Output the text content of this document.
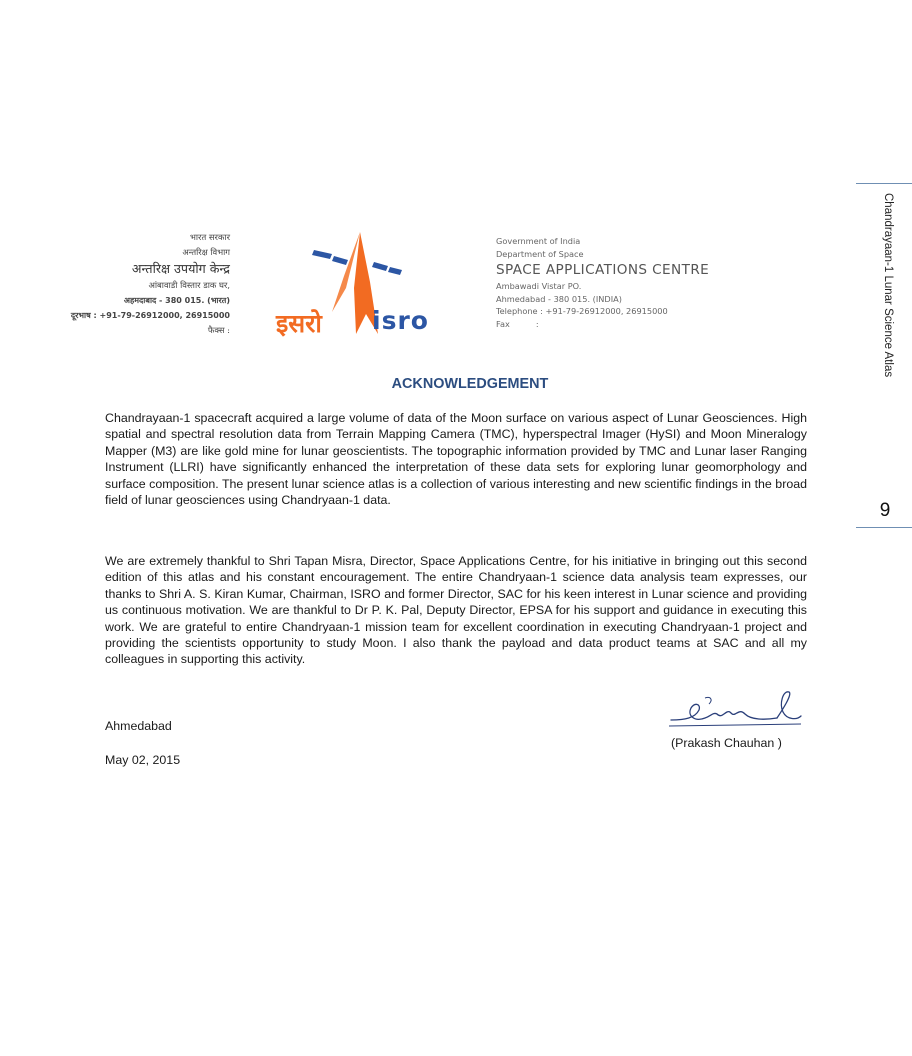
Chandrayaan-1 Lunar Science Atlas
9
भारत सरकार
अन्तरिक्ष विभाग
अन्तरिक्ष उपयोग केन्द्र
आंबावाडी विस्तार डाक घर,
अहमदाबाद - 380 015. (भारत)
दूरभाष : +91-79-26912000, 26915000
फैक्स : इसरो isro
Government of India
Department of Space
SPACE APPLICATIONS CENTRE
Ambawadi Vistar PO.
Ahmedabad - 380 015. (INDIA)
Telephone : +91-79-26912000, 26915000
Fax          :
ACKNOWLEDGEMENT

Chandrayaan-1 spacecraft acquired a large volume of data of the Moon surface on various aspect of Lunar Geosciences. High spatial and spectral resolution data from Terrain Mapping Camera (TMC), hyperspectral Imager (HySI) and Moon Mineralogy Mapper (M3) are like gold mine for lunar geoscientists. The topographic information provided by TMC and Lunar laser Ranging Instrument (LLRI) have significantly enhanced the interpretation of these data sets for exploring lunar geomorphology and surface composition. The present lunar science atlas is a collection of various interesting and new scientific findings in the broad field of lunar geosciences using Chandryaan-1 data.

We are extremely thankful to Shri Tapan Misra, Director, Space Applications Centre, for his initiative in bringing out this second edition of this atlas and his constant encouragement. The entire Chandryaan-1 science data analysis team expresses, our thanks to Shri A. S. Kiran Kumar, Chairman, ISRO and former Director, SAC for his keen interest in Lunar science and providing us continuous motivation. We are thankful to Dr P. K. Pal, Deputy Director, EPSA for his support and guidance in executing this work. We are grateful to entire Chandryaan-1 mission team for excellent coordination in executing Chandryaan-1 project and providing the scientists opportunity to study Moon. I also thank the payload and data product teams at SAC and all my colleagues in supporting this activity.

Ahmedabad
May 02, 2015
(Prakash Chauhan )
